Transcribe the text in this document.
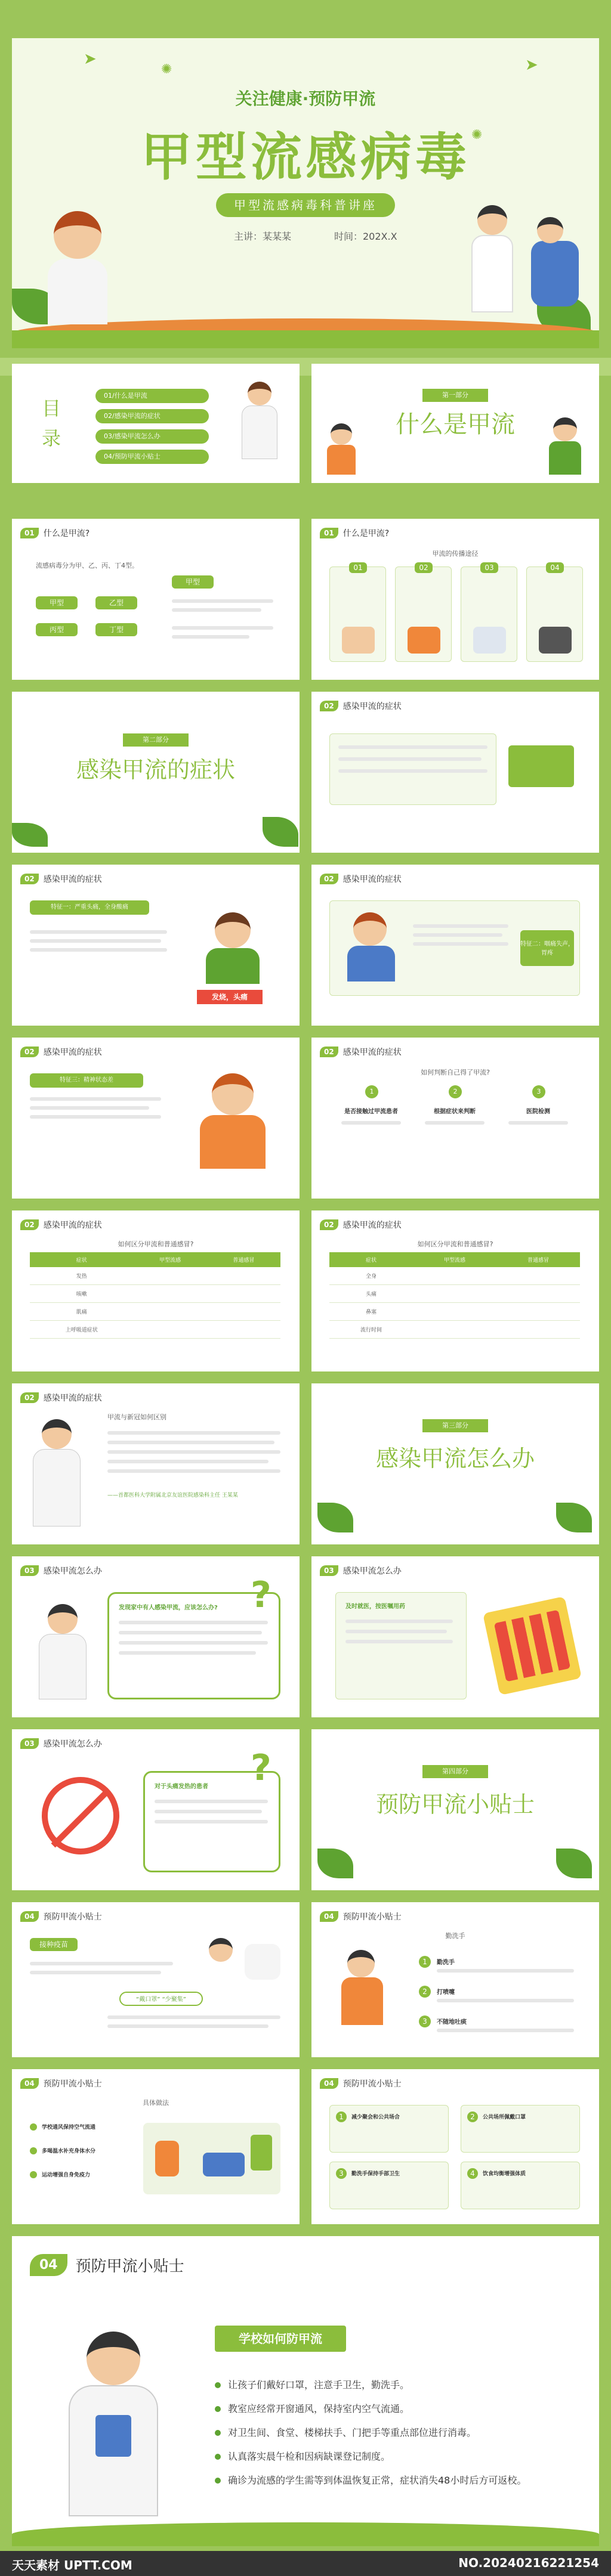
关注健康·预防甲流
甲型流感病毒
甲型流感病毒科普讲座
主讲：某某某	时间：202X.X
➤	➤
✺
✺
目
录
01/什么是甲流
02/感染甲流的症状
03/感染甲流怎么办
04/预防甲流小贴士
第一部分
什么是甲流
01	什么是甲流?
流感病毒分为甲、乙、丙、丁4型。
甲型	乙型
丙型	丁型
甲型
01	什么是甲流?
甲流的传播途径
01	02	03	04
第二部分
感染甲流的症状
02	感染甲流的症状
02	感染甲流的症状
特征一：严重头痛，全身酸痛
发烧，头痛
02	感染甲流的症状
特征二：咽痛失声，胃疼
02	感染甲流的症状
特征三：精神状态差
02	感染甲流的症状
如何判断自己得了甲流?
1	2	3
是否接触过甲流患者	根据症状来判断	医院检测
02	感染甲流的症状
如何区分甲流和普通感冒?
症状	甲型流感	普通感冒
发热		
咳嗽		
肌痛		
上呼吸道症状		
02	感染甲流的症状
如何区分甲流和普通感冒?
症状	甲型流感	普通感冒
全身		
头痛		
鼻塞		
流行时间		
02	感染甲流的症状
甲流与新冠如何区别
——首都医科大学附属北京友谊医院感染科主任 王某某
第三部分
感染甲流怎么办
03	感染甲流怎么办
发现家中有人感染甲流，应该怎么办? ?
03	感染甲流怎么办
及时就医，按医嘱用药
03	感染甲流怎么办
对于头痛发热的患者 ?	第四部分
预防甲流小贴士
04	预防甲流小贴士
接种疫苗
“戴口罩” “少聚集”
04	预防甲流小贴士
勤洗手
1
2
3
勤洗手
打喷嚏
不随地吐痰
04	预防甲流小贴士
具体做法
学校通风保持空气流通
多喝温水补充身体水分
运动增强自身免疫力
04	预防甲流小贴士
1	减少聚会和公共场合	2	公共场所佩戴口罩
3	勤洗手保持手部卫生	4	饮食均衡增强体质
04	预防甲流小贴士
学校如何防甲流
让孩子们戴好口罩，注意手卫生，勤洗手。
教室应经常开窗通风，保持室内空气流通。
对卫生间、食堂、楼梯扶手、门把手等重点部位进行消毒。
认真落实晨午检和因病缺课登记制度。
确诊为流感的学生需等到体温恢复正常，症状消失48小时后方可返校。
天天素材 UPTT.COM	NO.20240216221254
